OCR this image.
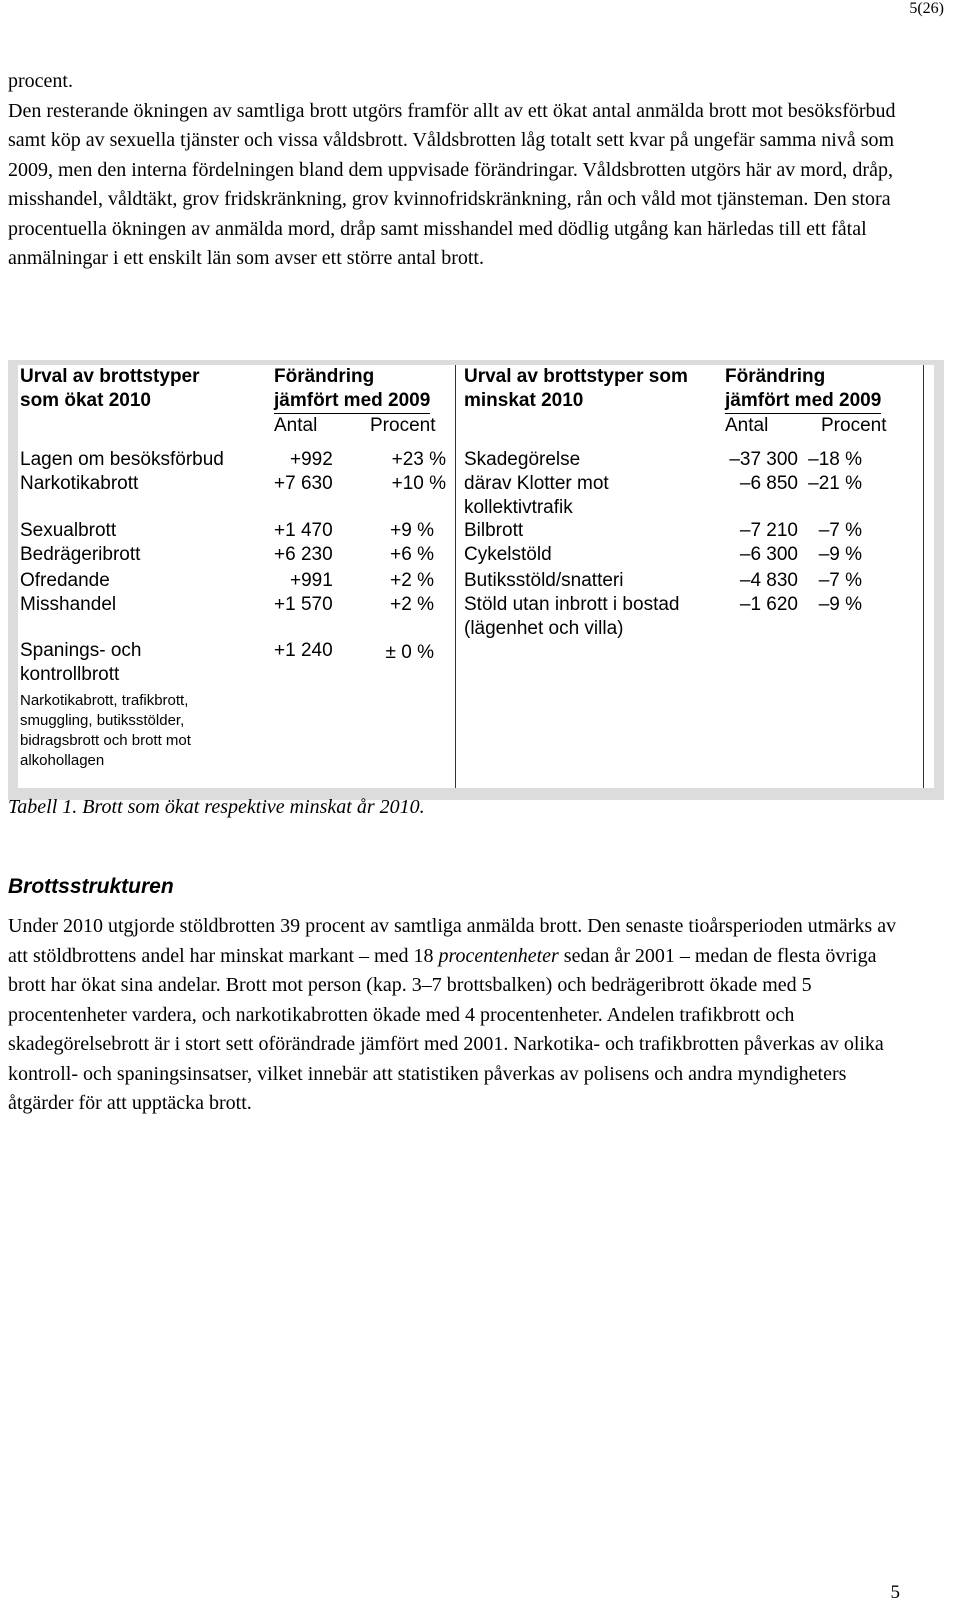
5(26)

procent.

Den resterande ökningen av samtliga brott utgörs framför allt av ett ökat antal anmälda brott mot besöksförbud samt köp av sexuella tjänster och vissa våldsbrott. Våldsbrotten låg totalt sett kvar på ungefär samma nivå som 2009, men den interna fördelningen bland dem uppvisade förändringar. Våldsbrotten utgörs här av mord, dråp, misshandel, våldtäkt, grov fridskränkning, grov kvinnofridskränkning, rån och våld mot tjänsteman. Den stora procentuella ökningen av anmälda mord, dråp samt misshandel med dödlig utgång kan härledas till ett fåtal anmälningar i ett enskilt län som avser ett större antal brott.

Urval av brottstyper
som ökat 2010
Förändring
jämfört med 2009
Antal	Procent
Urval av brottstyper som
minskat 2010
Förändring
jämfört med 2009
Antal	Procent
Lagen om besöksförbud	+992	+23 %
Narkotikabrott	+7 630	+10 %
Sexualbrott	+1 470	+9 %
Bedrägeribrott	+6 230	+6 %
Ofredande	+991	+2 %
Misshandel	+1 570	+2 %
Spanings- och
kontrollbrott
+1 240	± 0 %
Narkotikabrott, trafikbrott,
smuggling, butiksstölder,
bidragsbrott och brott mot
alkohollagen
Skadegörelse	–37 300 –18 %
därav Klotter mot
kollektivtrafik
–6 850 –21 %
Bilbrott	–7 210	–7 %
Cykelstöld	–6 300	–9 %
Butiksstöld/snatteri	–4 830	–7 %
Stöld utan inbrott i bostad
(lägenhet och villa)
–1 620	–9 %
Tabell 1. Brott som ökat respektive minskat år 2010.
Brottsstrukturen

Under 2010 utgjorde stöldbrotten 39 procent av samtliga anmälda brott. Den senaste tioårsperioden utmärks av att stöldbrottens andel har minskat markant – med 18 procentenheter sedan år 2001 – medan de flesta övriga brott har ökat sina andelar. Brott mot person (kap. 3–7 brottsbalken) och bedrägeribrott ökade med 5 procentenheter vardera, och narkotikabrotten ökade med 4 procentenheter. Andelen trafikbrott och skadegörelsebrott är i stort sett oförändrade jämfört med 2001. Narkotika- och trafikbrotten påverkas av olika kontroll- och spaningsinsatser, vilket innebär att statistiken påverkas av polisens och andra myndigheters åtgärder för att upptäcka brott.

5
